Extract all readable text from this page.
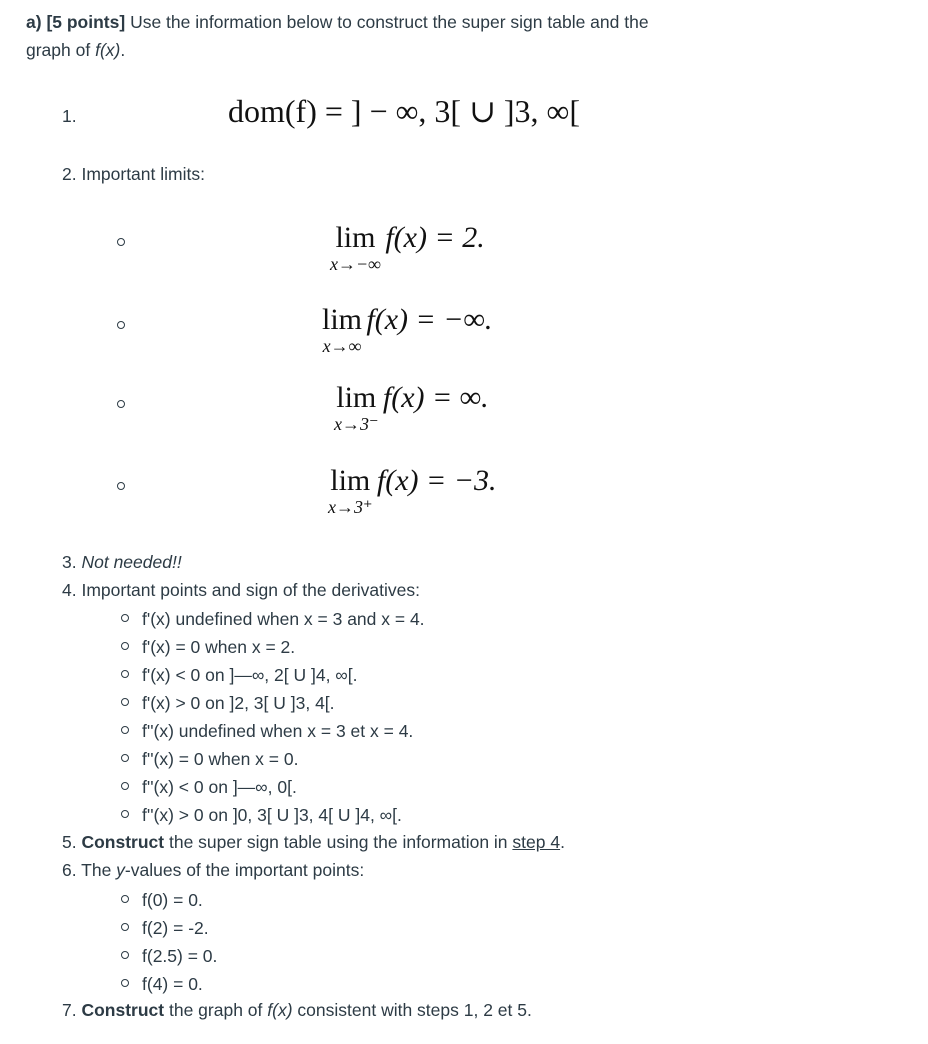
a) [5 points] Use the information below to construct the super sign table and the
graph of f(x).
1.	dom(f) = ] − ∞, 3[ ∪ ]3, ∞[
2. Important limits:
lim
x→−∞
f(x) = 2.
lim
x→∞
f(x) = −∞.
lim
x→3⁻
f(x) = ∞.
lim
x→3⁺
f(x) = −3.
3. Not needed!!
4. Important points and sign of the derivatives:
f'(x) undefined when x = 3 and x = 4.
f'(x) = 0 when x = 2.
f'(x) < 0 on ]—∞, 2[ U ]4, ∞[.
f'(x) > 0 on ]2, 3[ U ]3, 4[.
f''(x) undefined when x = 3 et x = 4.
f''(x) = 0 when x = 0.
f''(x) < 0 on ]—∞, 0[.
f''(x) > 0 on ]0, 3[ U ]3, 4[ U ]4, ∞[.
5. Construct the super sign table using the information in step 4.
6. The y-values of the important points:
f(0) = 0.
f(2) = -2.
f(2.5) = 0.
f(4) = 0.
7. Construct the graph of f(x) consistent with steps 1, 2 et 5.
